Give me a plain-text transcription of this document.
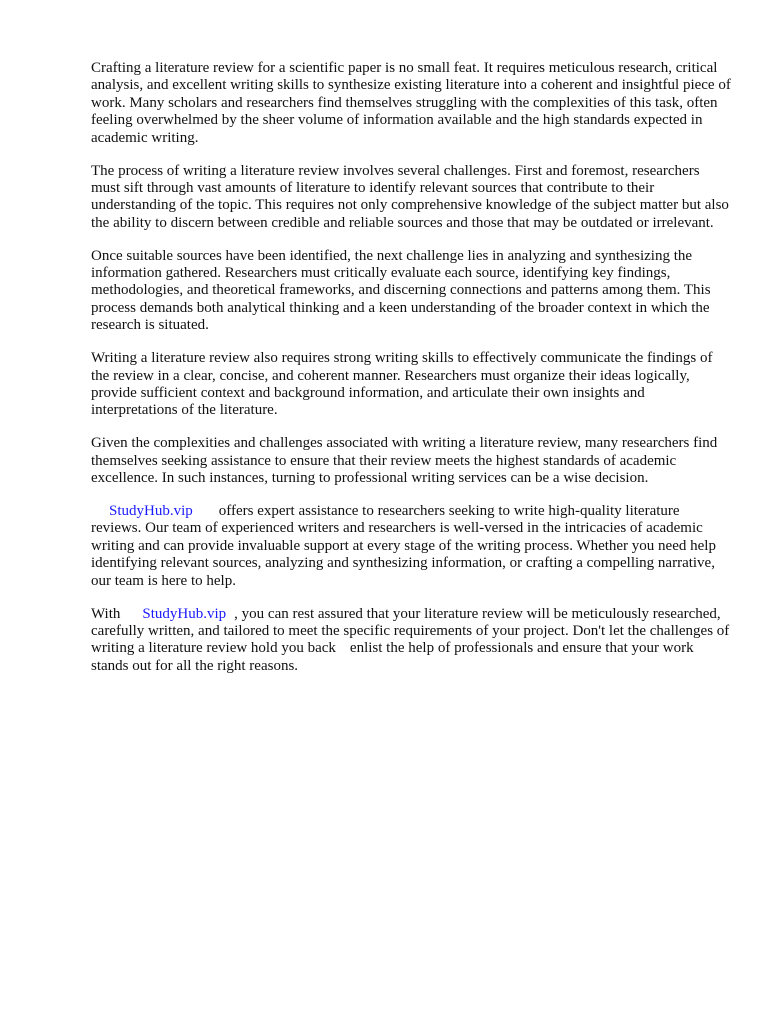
Crafting a literature review for a scientific paper is no small feat. It requires meticulous research, critical analysis, and excellent writing skills to synthesize existing literature into a coherent and insightful piece of work. Many scholars and researchers find themselves struggling with the complexities of this task, often feeling overwhelmed by the sheer volume of information available and the high standards expected in academic writing.

The process of writing a literature review involves several challenges. First and foremost, researchers must sift through vast amounts of literature to identify relevant sources that contribute to their understanding of the topic. This requires not only comprehensive knowledge of the subject matter but also the ability to discern between credible and reliable sources and those that may be outdated or irrelevant.

Once suitable sources have been identified, the next challenge lies in analyzing and synthesizing the information gathered. Researchers must critically evaluate each source, identifying key findings, methodologies, and theoretical frameworks, and discerning connections and patterns among them. This process demands both analytical thinking and a keen understanding of the broader context in which the research is situated.

Writing a literature review also requires strong writing skills to effectively communicate the findings of the review in a clear, concise, and coherent manner. Researchers must organize their ideas logically, provide sufficient context and background information, and articulate their own insights and interpretations of the literature.

Given the complexities and challenges associated with writing a literature review, many researchers find themselves seeking assistance to ensure that their review meets the highest standards of academic excellence. In such instances, turning to professional writing services can be a wise decision.

StudyHub.vip offers expert assistance to researchers seeking to write high-quality literature reviews. Our team of experienced writers and researchers is well-versed in the intricacies of academic writing and can provide invaluable support at every stage of the writing process. Whether you need help identifying relevant sources, analyzing and synthesizing information, or crafting a compelling narrative, our team is here to help.

With StudyHub.vip , you can rest assured that your literature review will be meticulously researched, carefully written, and tailored to meet the specific requirements of your project. Don't let the challenges of writing a literature review hold you back enlist the help of professionals and ensure that your work stands out for all the right reasons.
